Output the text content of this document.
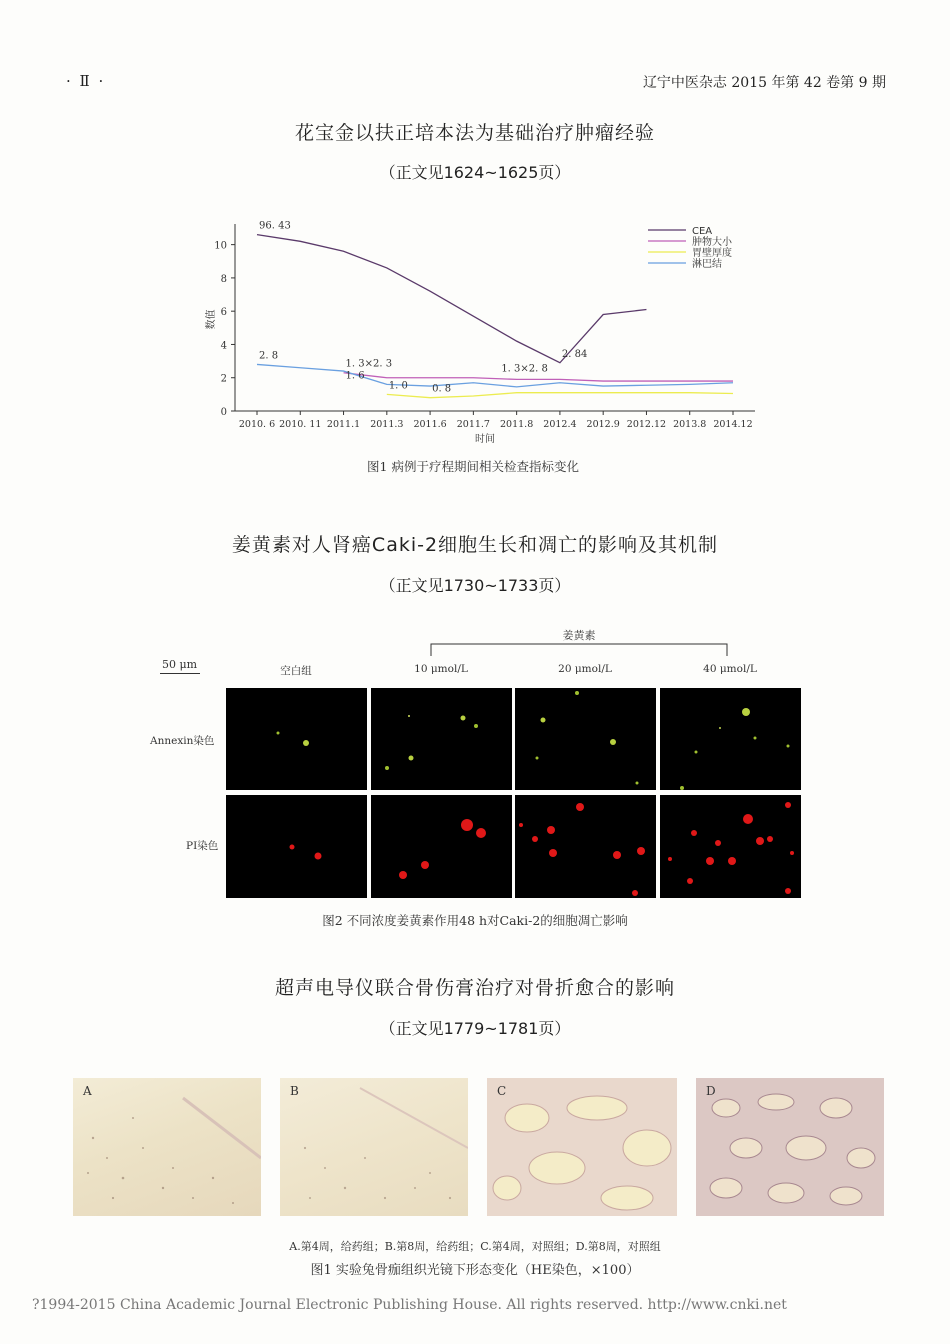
· Ⅱ ·	辽宁中医杂志 2015 年第 42 卷第 9 期
花宝金以扶正培本法为基础治疗肿瘤经验
（正文见1624~1625页）
0
2
4
6
8
10
2010. 6 2010. 11 2011.1 2011.3 2011.6 2011.7 2011.8 2012.4 2012.9 2012.12 2013.8 2014.12
时间
数值
96. 43
2. 8
1. 3×2. 3
1. 6
1. 0 0. 8
1. 3×2. 8
2. 84
CEA
肿物大小
胃壁厚度
淋巴结
图1 病例于疗程期间相关检查指标变化
姜黄素对人肾癌Caki-2细胞生长和凋亡的影响及其机制
（正文见1730~1733页）
姜黄素
50 μm	空白组	10 μmol/L	20 μmol/L	40 μmol/L
Annexin染色
PI染色
图2 不同浓度姜黄素作用48 h对Caki-2的细胞凋亡影响
超声电导仪联合骨伤膏治疗对骨折愈合的影响
（正文见1779~1781页）
A	B	C	D
A.第4周，给药组；B.第8周，给药组；C.第4周，对照组；D.第8周，对照组
图1 实验兔骨痂组织光镜下形态变化（HE染色，×100）
?1994-2015 China Academic Journal Electronic Publishing House. All rights reserved. http://www.cnki.net
